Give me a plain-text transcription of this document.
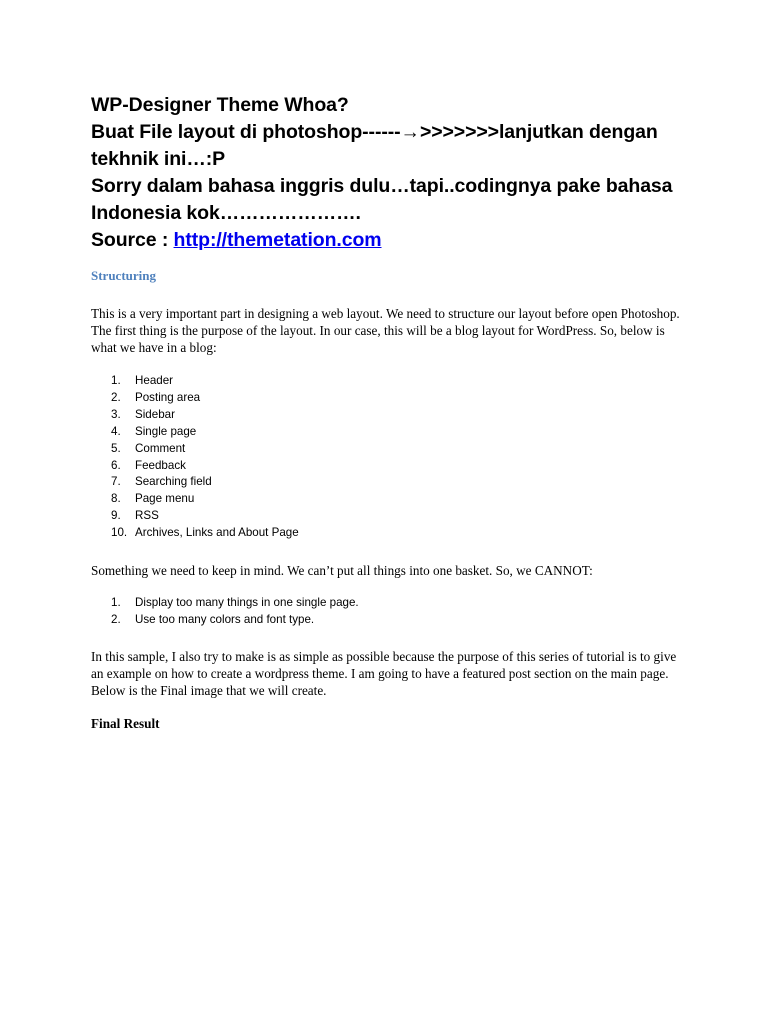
WP-Designer Theme Whoa?
Buat File layout di photoshop------→>>>>>>>lanjutkan dengan
tekhnik ini…:P
Sorry dalam bahasa inggris dulu…tapi..codingnya pake bahasa
Indonesia kok………………….
Source : http://themetation.com
Structuring
This is a very important part in designing a web layout. We need to structure our layout before open Photoshop. The first thing is the purpose of the layout. In our case, this will be a blog layout for WordPress. So, below is what we have in a blog:
1.	Header
2.	Posting area
3.	Sidebar
4.	Single page
5.	Comment
6.	Feedback
7.	Searching field
8.	Page menu
9.	RSS
10. Archives, Links and About Page
Something we need to keep in mind. We can’t put all things into one basket. So, we CANNOT:
1.	Display too many things in one single page.
2.	Use too many colors and font type.
In this sample, I also try to make is as simple as possible because the purpose of this series of tutorial is to give an example on how to create a wordpress theme. I am going to have a featured post section on the main page. Below is the Final image that we will create.
Final Result
